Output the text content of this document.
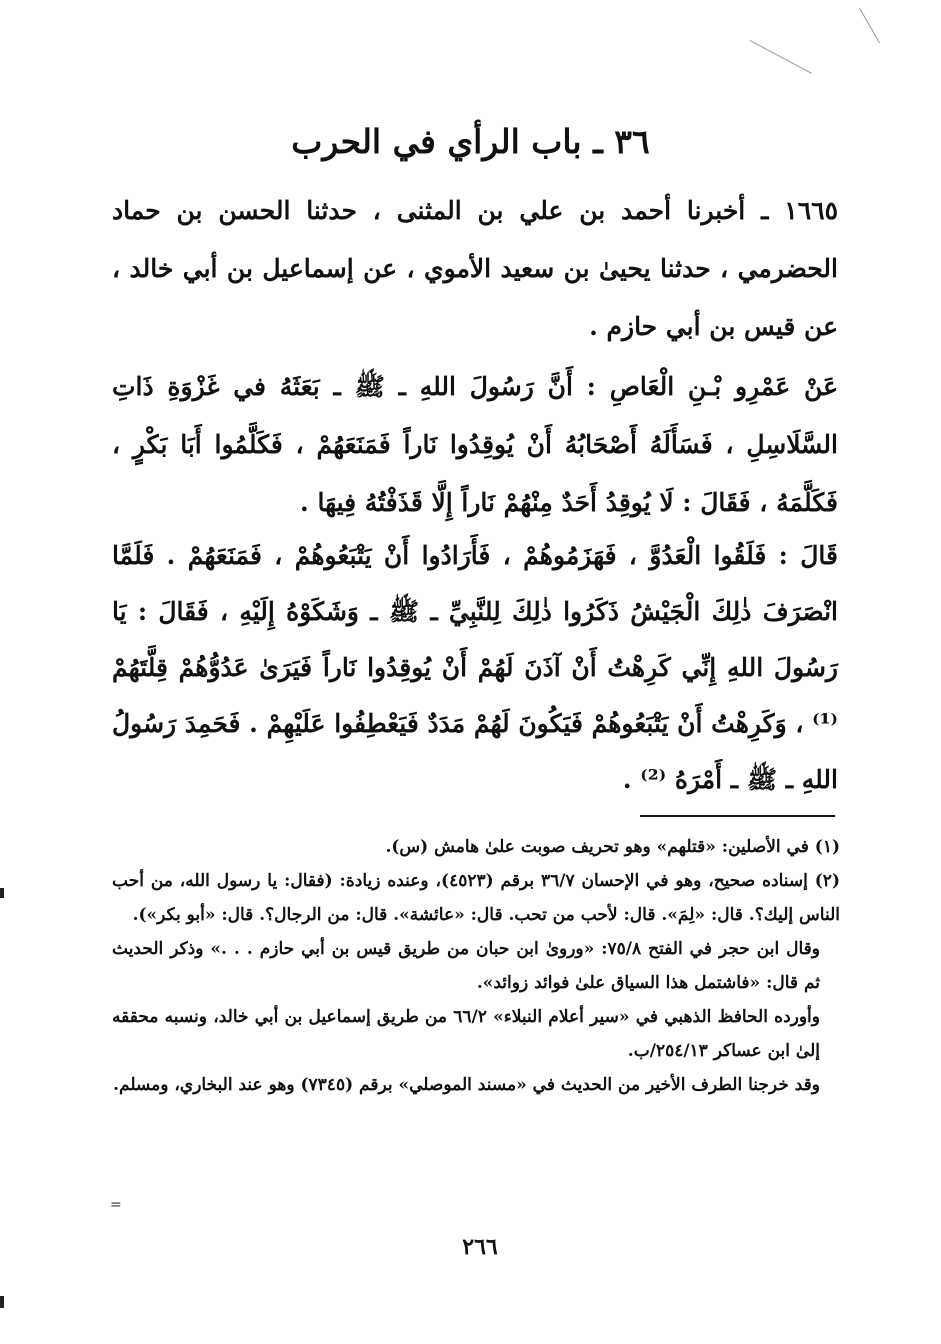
٣٦ ـ باب الرأي في الحرب

١٦٦٥ ـ أخبرنا أحمد بن علي بن المثنى ، حدثنا الحسن بن حماد الحضرمي ، حدثنا يحيىٰ بن سعيد الأموي ، عن إسماعيل بن أبي خالد ، عن قيس بن أبي حازم .

عَنْ عَمْرِو بْـنِ الْعَاصِ : أَنَّ رَسُولَ اللهِ ـ ﷺ ـ بَعَثَهُ في غَزْوَةِ ذَاتِ السَّلَاسِلِ ، فَسَأَلَهُ أَصْحَابُهُ أَنْ يُوقِدُوا نَاراً فَمَنَعَهُمْ ، فَكَلَّمُوا أَبَا بَكْرٍ ، فَكَلَّمَهُ ، فَقَالَ : لَا يُوقِدُ أَحَدٌ مِنْهُمْ نَاراً إِلَّا قَذَفْتُهُ فِيهَا .

قَالَ : فَلَقُوا الْعَدُوَّ ، فَهَزَمُوهُمْ ، فَأَرَادُوا أَنْ يَتْبَعُوهُمْ ، فَمَنَعَهُمْ . فَلَمَّا انْصَرَفَ ذٰلِكَ الْجَيْشُ ذَكَرُوا ذٰلِكَ لِلنَّبِيِّ ـ ﷺ ـ وَشَكَوْهُ إِلَيْهِ ، فَقَالَ : يَا رَسُولَ اللهِ إِنِّي كَرِهْتُ أَنْ آذَنَ لَهُمْ أَنْ يُوقِدُوا نَاراً فَيَرَىٰ عَدُوُّهُمْ قِلَّتَهُمْ ⁽¹⁾ ، وَكَرِهْتُ أَنْ يَتْبَعُوهُمْ فَيَكُونَ لَهُمْ مَدَدٌ فَيَعْطِفُوا عَلَيْهِمْ . فَحَمِدَ رَسُولُ اللهِ ـ ﷺ ـ أَمْرَهُ ⁽²⁾ .

(١) في الأصلين: «قتلهم» وهو تحريف صوبت علىٰ هامش (س).

(٢) إسناده صحيح، وهو في الإحسان ٣٦/٧ برقم (٤٥٢٣)، وعنده زيادة: (فقال: يا رسول الله، من أحب الناس إليك؟. قال: «لِمَ». قال: لأحب من تحب. قال: «عائشة». قال: من الرجال؟. قال: «أبو بكر»).

وقال ابن حجر في الفتح ٧٥/٨: «وروىٰ ابن حبان من طريق قيس بن أبي حازم . . .» وذكر الحديث ثم قال: «فاشتمل هذا السياق علىٰ فوائد زوائد».

وأورده الحافظ الذهبي في «سير أعلام النبلاء» ٦٦/٢ من طريق إسماعيل بن أبي خالد، ونسبه محققه إلىٰ ابن عساكر ٢٥٤/١٣/ب.

وقد خرجنا الطرف الأخير من الحديث في «مسند الموصلي» برقم (٧٣٤٥) وهو عند البخاري، ومسلم.

=
٢٦٦
